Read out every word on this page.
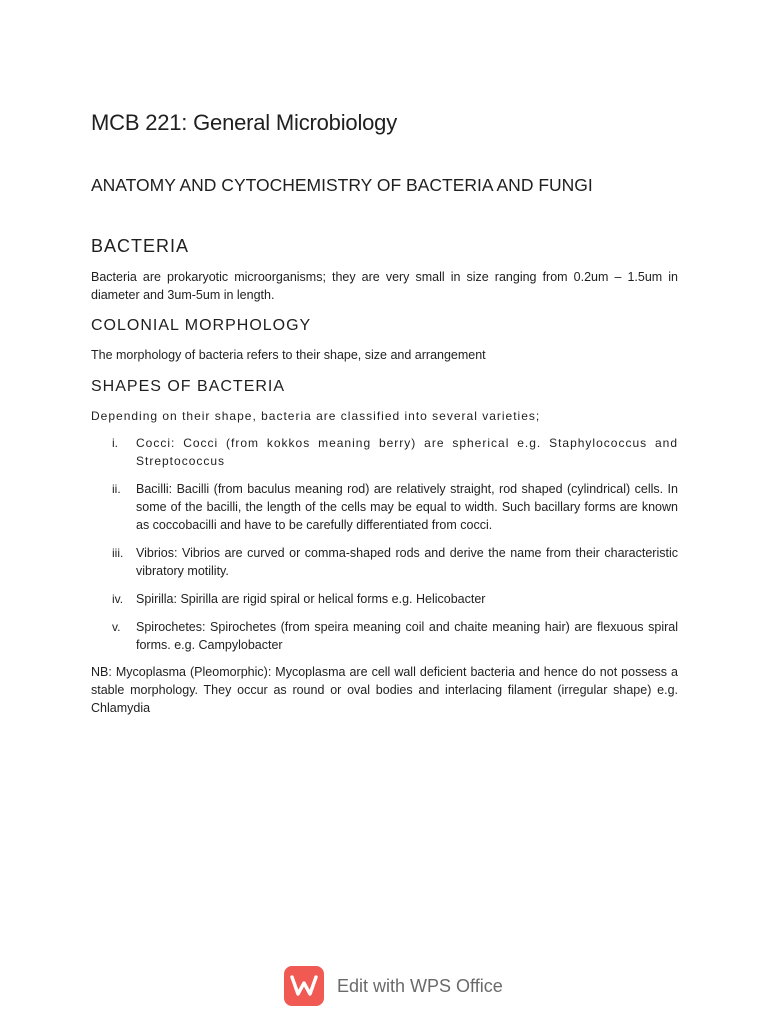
MCB 221: General Microbiology
ANATOMY AND CYTOCHEMISTRY OF BACTERIA AND FUNGI
BACTERIA

Bacteria are prokaryotic microorganisms; they are very small in size ranging from 0.2um – 1.5um in diameter and 3um-5um in length.

COLONIAL MORPHOLOGY

The morphology of bacteria refers to their shape, size and arrangement

SHAPES OF BACTERIA

Depending on their shape, bacteria are classified into several varieties;

i. Cocci: Cocci (from kokkos meaning berry) are spherical e.g. Staphylococcus and Streptococcus
ii. Bacilli: Bacilli (from baculus meaning rod) are relatively straight, rod shaped (cylindrical) cells. In some of the bacilli, the length of the cells may be equal to width. Such bacillary forms are known as coccobacilli and have to be carefully differentiated from cocci.
iii. Vibrios: Vibrios are curved or comma-shaped rods and derive the name from their characteristic vibratory motility.
iv. Spirilla: Spirilla are rigid spiral or helical forms e.g. Helicobacter
v. Spirochetes: Spirochetes (from speira meaning coil and chaite meaning hair) are flexuous spiral forms. e.g. Campylobacter

NB: Mycoplasma (Pleomorphic): Mycoplasma are cell wall deficient bacteria and hence do not possess a stable morphology. They occur as round or oval bodies and interlacing filament (irregular shape) e.g. Chlamydia

Edit with WPS Office
